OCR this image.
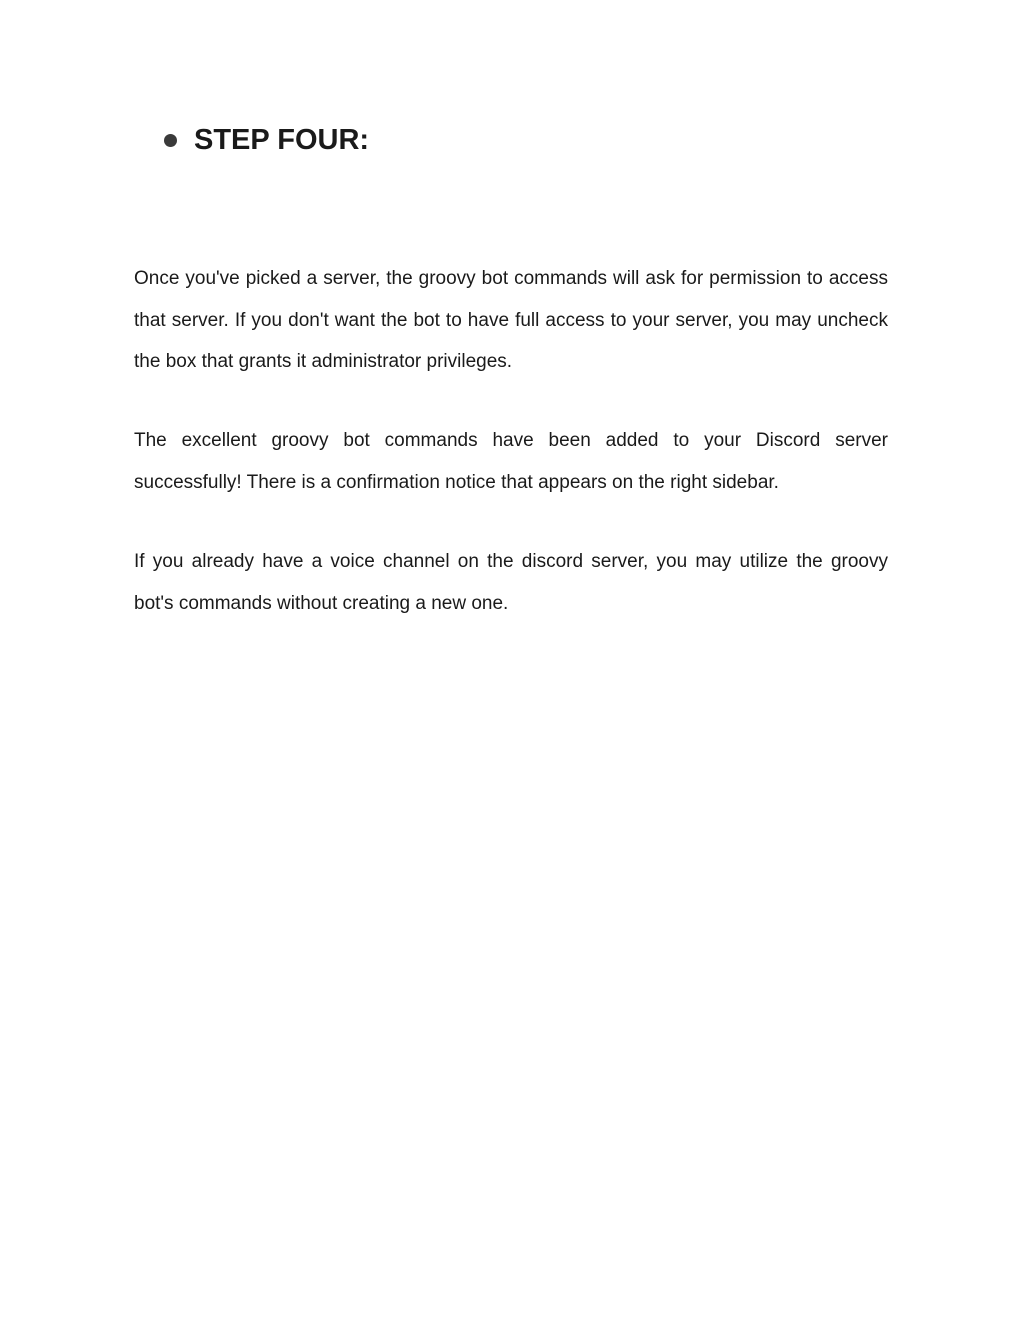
STEP FOUR:

Once you've picked a server, the groovy bot commands will ask for permission to access that server. If you don't want the bot to have full access to your server, you may uncheck the box that grants it administrator privileges.

The excellent groovy bot commands have been added to your Discord server successfully! There is a confirmation notice that appears on the right sidebar.

If you already have a voice channel on the discord server, you may utilize the groovy bot's commands without creating a new one.
